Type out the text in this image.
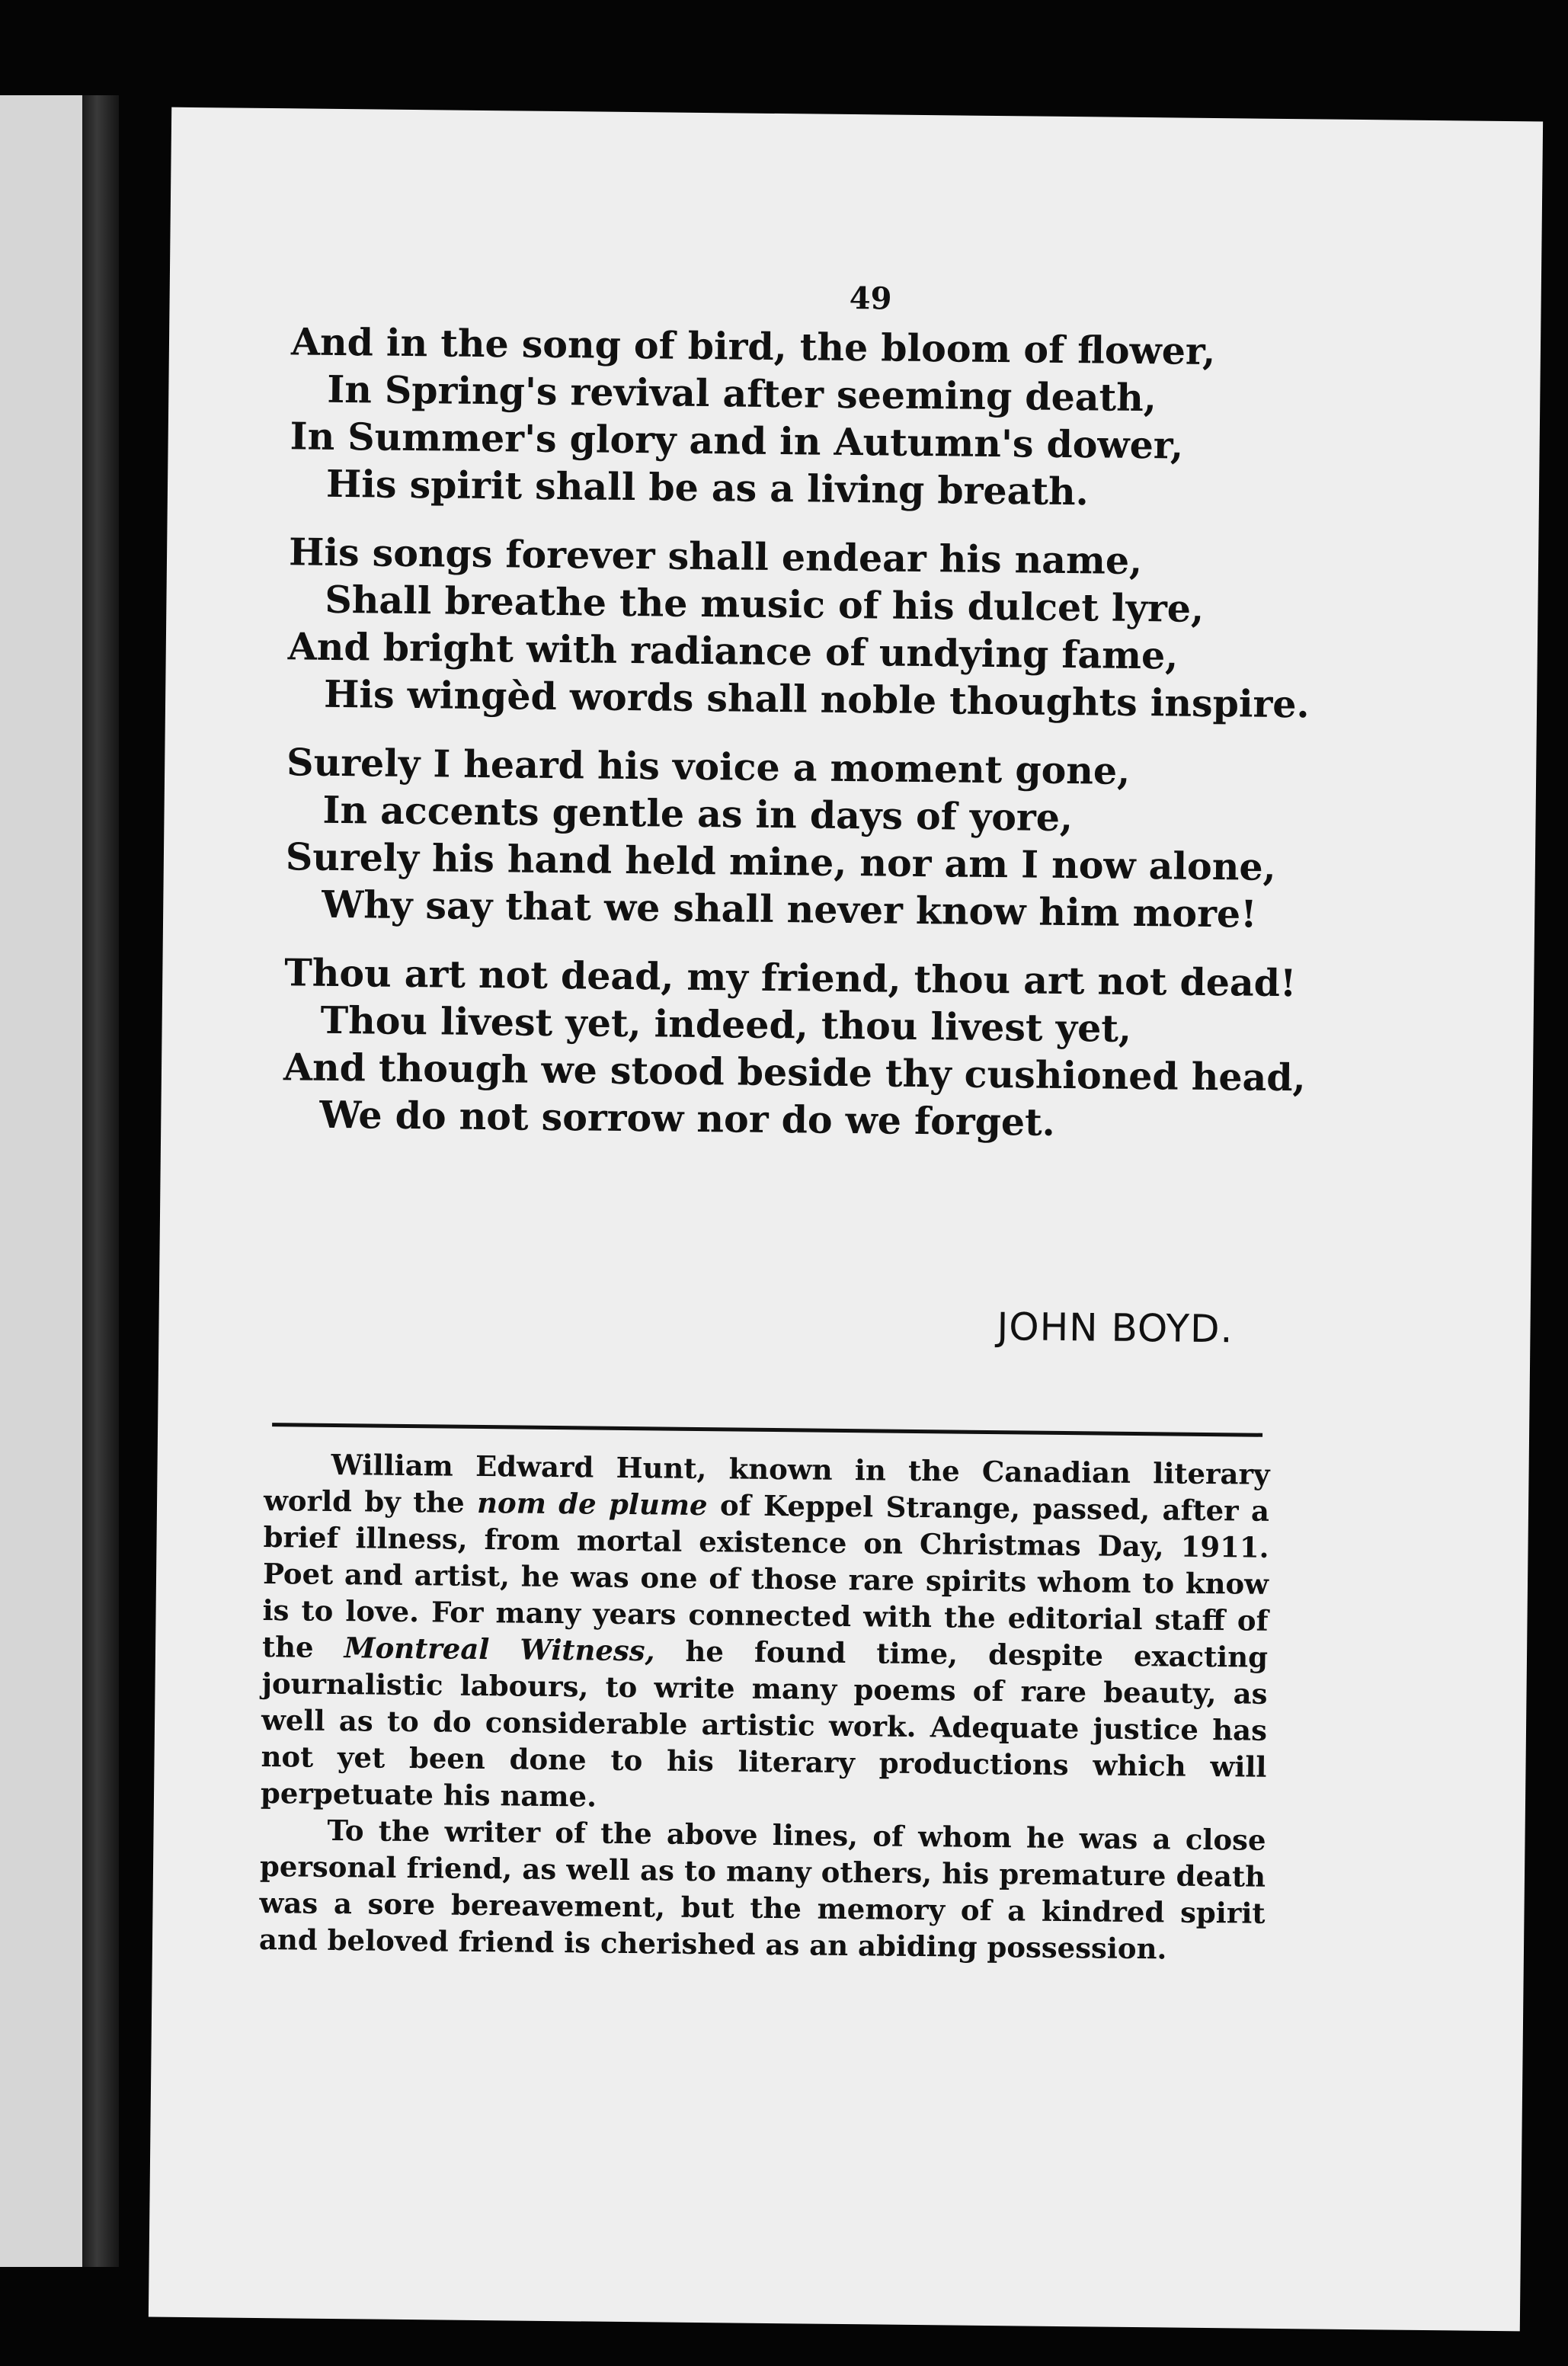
49
And in the song of bird, the bloom of flower,
In Spring's revival after seeming death,
In Summer's glory and in Autumn's dower,
His spirit shall be as a living breath.
His songs forever shall endear his name,
Shall breathe the music of his dulcet lyre,
And bright with radiance of undying fame,
His wingèd words shall noble thoughts inspire.
Surely I heard his voice a moment gone,
In accents gentle as in days of yore,
Surely his hand held mine, nor am I now alone,
Why say that we shall never know him more!
Thou art not dead, my friend, thou art not dead!
Thou livest yet, indeed, thou livest yet,
And though we stood beside thy cushioned head,
We do not sorrow nor do we forget.
JOHN BOYD.

William Edward Hunt, known in the Canadian literary world by the nom de plume of Keppel Strange, passed, after a brief illness, from mortal existence on Christmas Day, 1911. Poet and artist, he was one of those rare spirits whom to know is to love. For many years connected with the editorial staff of the Montreal Witness, he found time, despite exacting journalistic labours, to write many poems of rare beauty, as well as to do considerable artistic work. Adequate justice has not yet been done to his literary productions which will perpetuate his name.

To the writer of the above lines, of whom he was a close personal friend, as well as to many others, his premature death was a sore bereavement, but the memory of a kindred spirit and beloved friend is cherished as an abiding possession.
